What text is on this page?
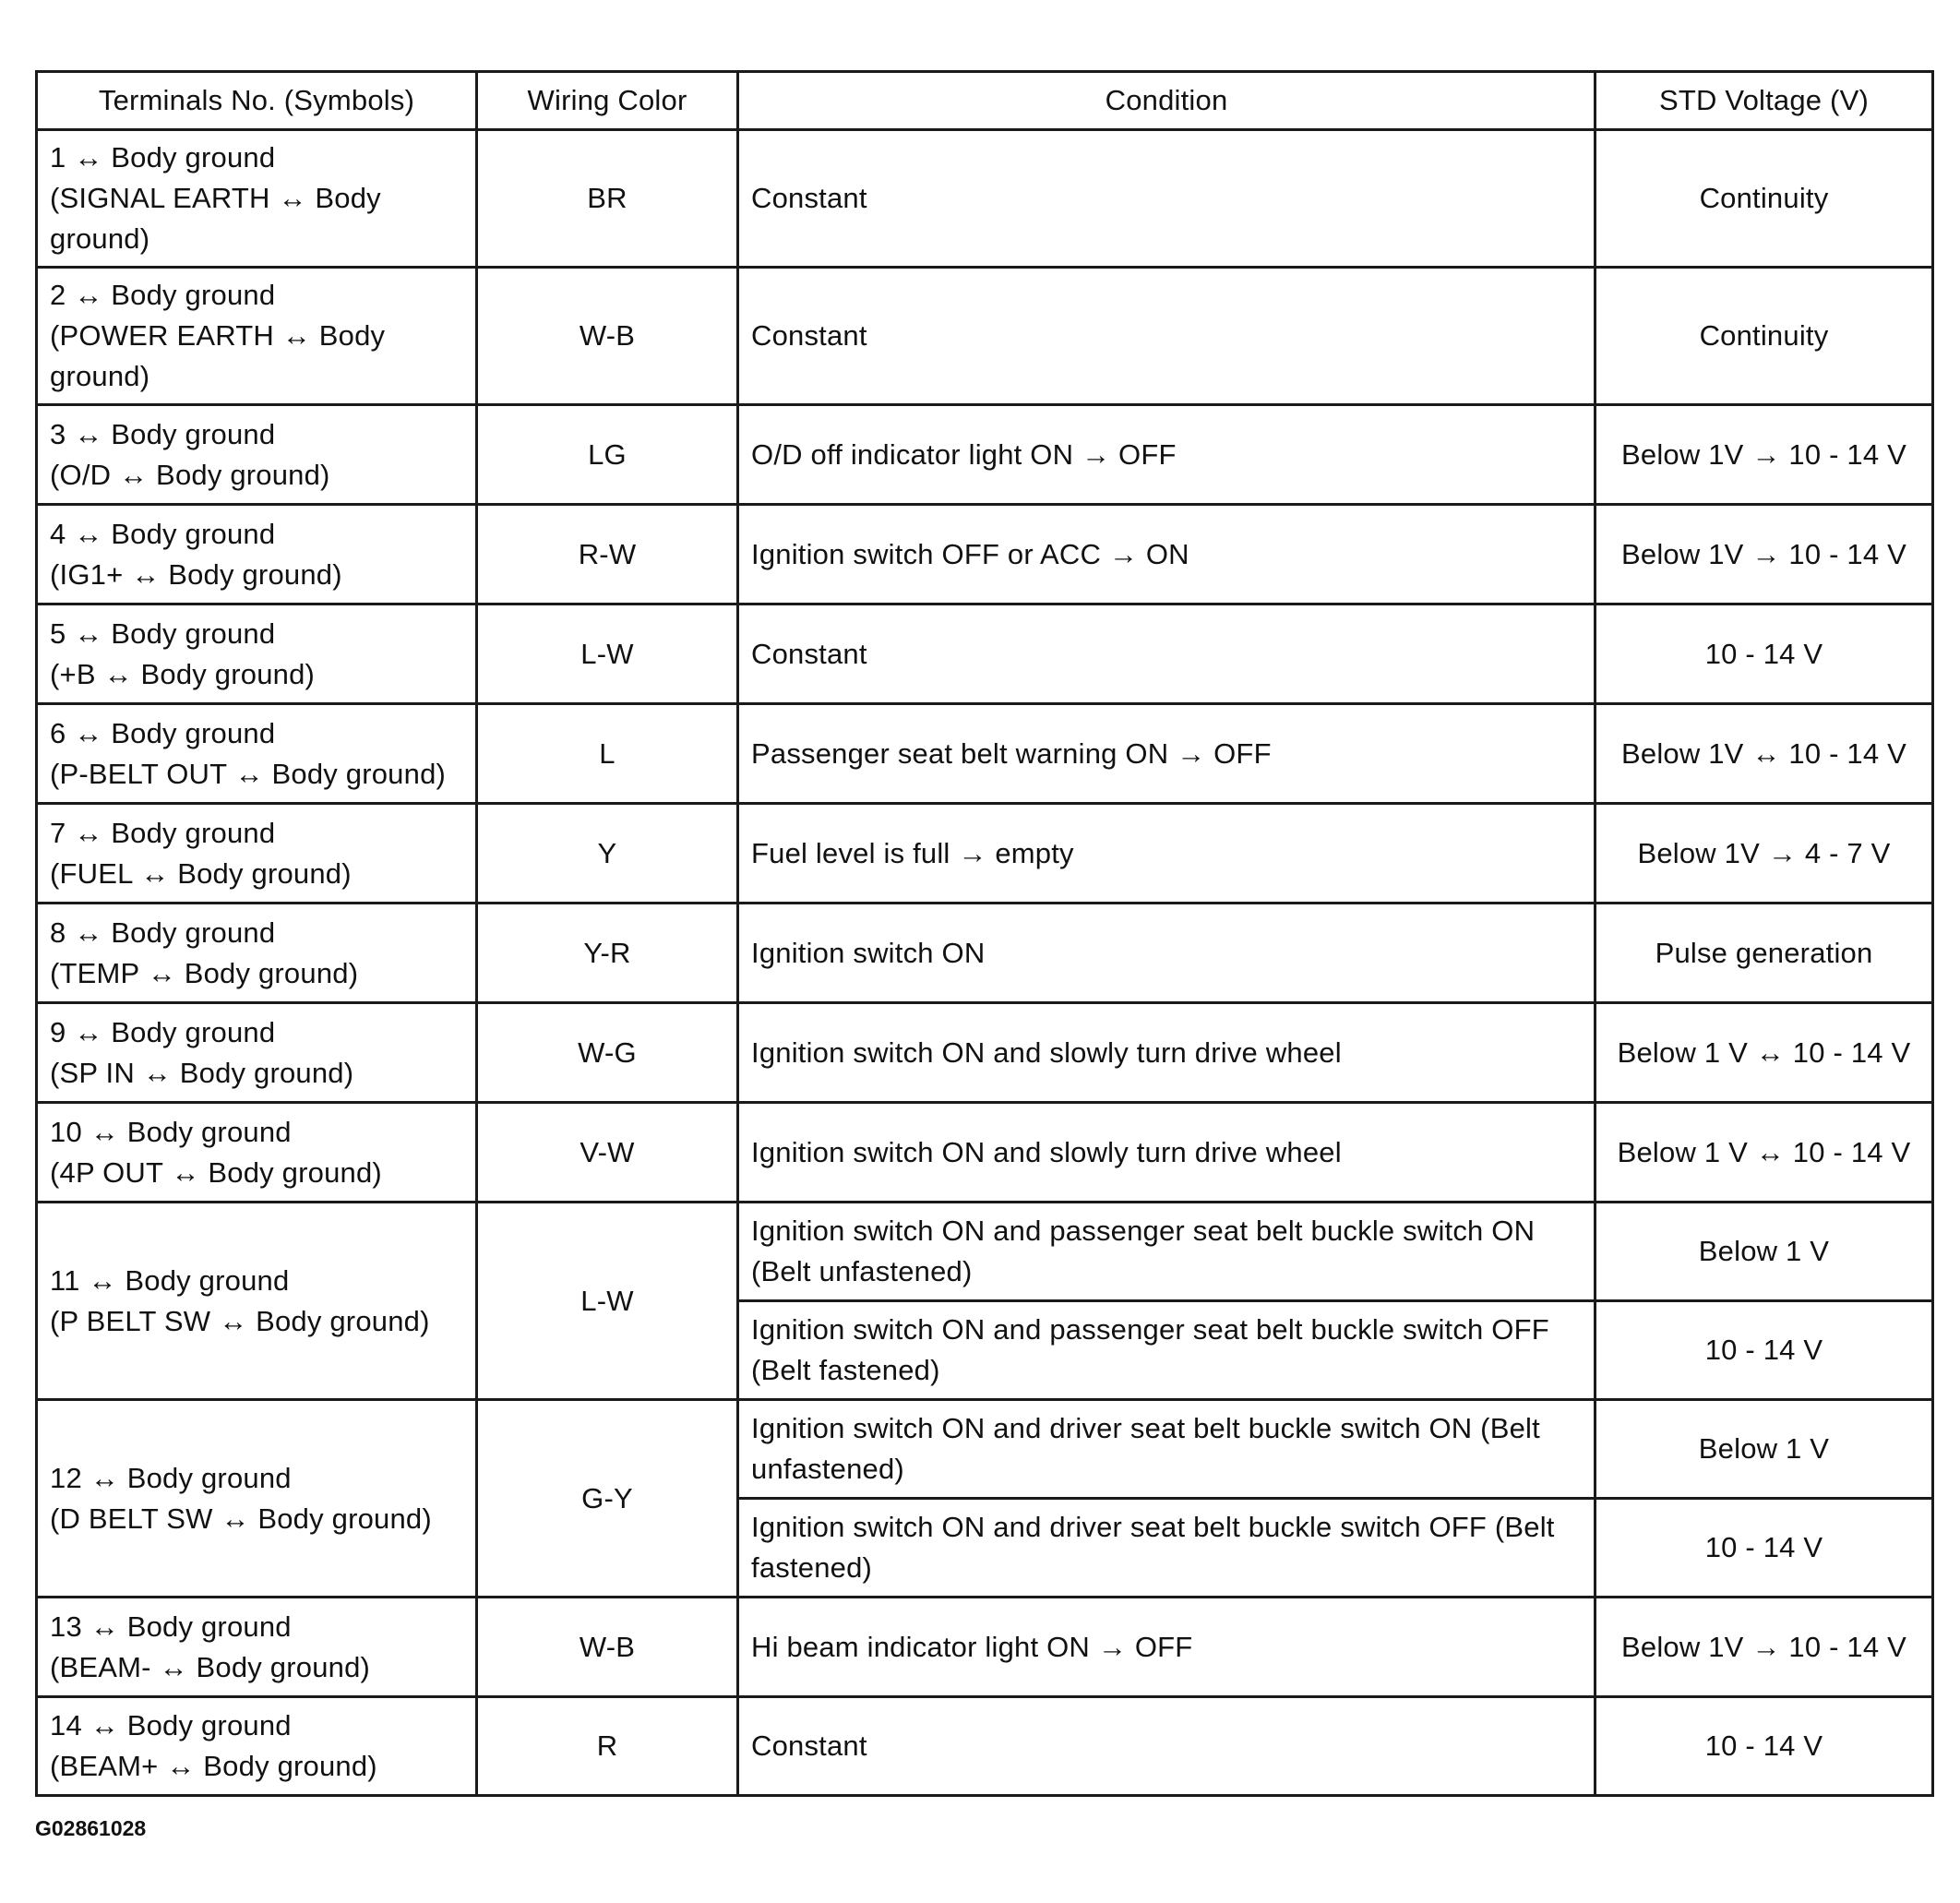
Terminals No. (Symbols)	Wiring Color	Condition	STD Voltage (V)
1 ↔ Body ground
(SIGNAL EARTH ↔ Body ground)	BR	Constant	Continuity
2 ↔ Body ground
(POWER EARTH ↔ Body ground)	W-B	Constant	Continuity
3 ↔ Body ground
(O/D ↔ Body ground)	LG	O/D off indicator light ON → OFF	Below 1V → 10 - 14 V
4 ↔ Body ground
(IG1+ ↔ Body ground)	R-W	Ignition switch OFF or ACC → ON	Below 1V → 10 - 14 V
5 ↔ Body ground
(+B ↔ Body ground)	L-W	Constant	10 - 14 V
6 ↔ Body ground
(P-BELT OUT ↔ Body ground)	L	Passenger seat belt warning ON → OFF	Below 1V ↔ 10 - 14 V
7 ↔ Body ground
(FUEL ↔ Body ground)	Y	Fuel level is full → empty	Below 1V → 4 - 7 V
8 ↔ Body ground
(TEMP ↔ Body ground)	Y-R	Ignition switch ON	Pulse generation
9 ↔ Body ground
(SP IN ↔ Body ground)	W-G	Ignition switch ON and slowly turn drive wheel	Below 1 V ↔ 10 - 14 V
10 ↔ Body ground
(4P OUT ↔ Body ground)	V-W	Ignition switch ON and slowly turn drive wheel	Below 1 V ↔ 10 - 14 V
11 ↔ Body ground
(P BELT SW ↔ Body ground)	L-W	Ignition switch ON and passenger seat belt buckle switch ON (Belt unfastened)	Below 1 V
		Ignition switch ON and passenger seat belt buckle switch OFF (Belt fastened)	10 - 14 V
12 ↔ Body ground
(D BELT SW ↔ Body ground)	G-Y	Ignition switch ON and driver seat belt buckle switch ON (Belt unfastened)	Below 1 V
		Ignition switch ON and driver seat belt buckle switch OFF (Belt fastened)	10 - 14 V
13 ↔ Body ground
(BEAM- ↔ Body ground)	W-B	Hi beam indicator light ON → OFF	Below 1V → 10 - 14 V
14 ↔ Body ground
(BEAM+ ↔ Body ground)	R	Constant	10 - 14 V
G02861028
